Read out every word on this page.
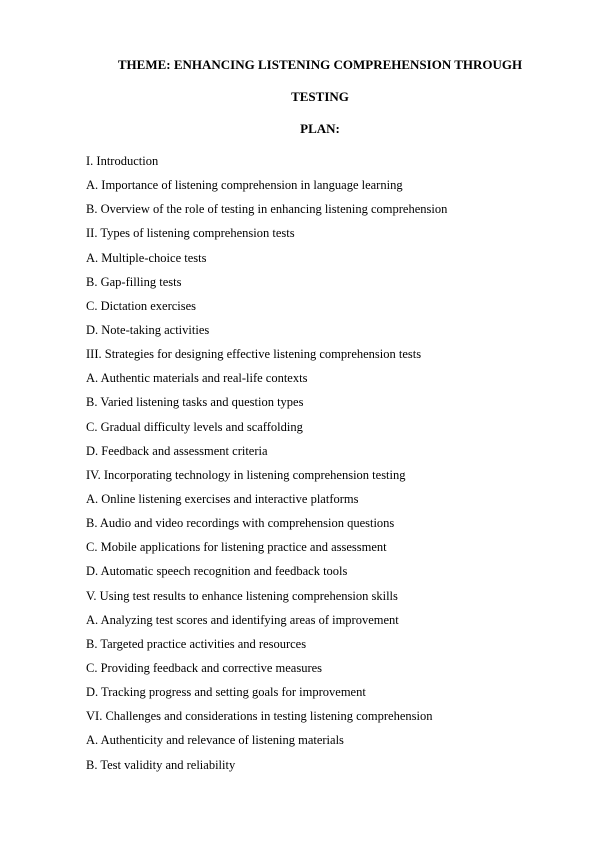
THEME: ENHANCING LISTENING COMPREHENSION THROUGH
TESTING
PLAN:
I. Introduction
A. Importance of listening comprehension in language learning
B. Overview of the role of testing in enhancing listening comprehension
II. Types of listening comprehension tests
A. Multiple-choice tests
B. Gap-filling tests
C. Dictation exercises
D. Note-taking activities
III. Strategies for designing effective listening comprehension tests
A. Authentic materials and real-life contexts
B. Varied listening tasks and question types
C. Gradual difficulty levels and scaffolding
D. Feedback and assessment criteria
IV. Incorporating technology in listening comprehension testing
A. Online listening exercises and interactive platforms
B. Audio and video recordings with comprehension questions
C. Mobile applications for listening practice and assessment
D. Automatic speech recognition and feedback tools
V. Using test results to enhance listening comprehension skills
A. Analyzing test scores and identifying areas of improvement
B. Targeted practice activities and resources
C. Providing feedback and corrective measures
D. Tracking progress and setting goals for improvement
VI. Challenges and considerations in testing listening comprehension
A. Authenticity and relevance of listening materials
B. Test validity and reliability
